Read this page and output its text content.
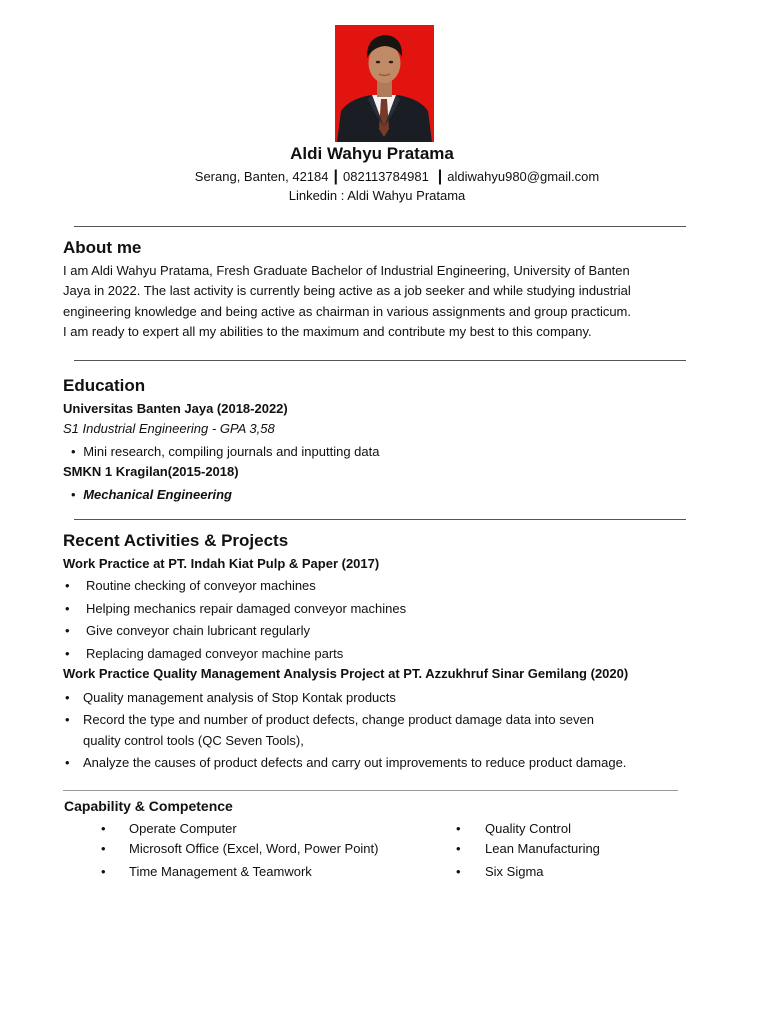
Aldi Wahyu Pratama
Serang, Banten, 42184 | 082113784981 | aldiwahyu980@gmail.com
Linkedin : Aldi Wahyu Pratama
About me
I am Aldi Wahyu Pratama, Fresh Graduate Bachelor of Industrial Engineering, University of Banten
Jaya in 2022. The last activity is currently being active as a job seeker and while studying industrial
engineering knowledge and being active as chairman in various assignments and group practicum.
I am ready to expert all my abilities to the maximum and contribute my best to this company.
Education
Universitas Banten Jaya (2018-2022)
S1 Industrial Engineering - GPA 3,58
• Mini research, compiling journals and inputting data
SMKN 1 Kragilan(2015-2018)
• Mechanical Engineering
Recent Activities & Projects
Work Practice at PT. Indah Kiat Pulp & Paper (2017)
• Routine checking of conveyor machines
• Helping mechanics repair damaged conveyor machines
• Give conveyor chain lubricant regularly
• Replacing damaged conveyor machine parts
Work Practice Quality Management Analysis Project at PT. Azzukhruf Sinar Gemilang (2020)
• Quality management analysis of Stop Kontak products
• Record the type and number of product defects, change product damage data into seven
quality control tools (QC Seven Tools),
• Analyze the causes of product defects and carry out improvements to reduce product damage.
Capability & Competence
• Operate Computer
• Microsoft Office (Excel, Word, Power Point)
• Time Management & Teamwork
• Quality Control
• Lean Manufacturing
• Six Sigma
